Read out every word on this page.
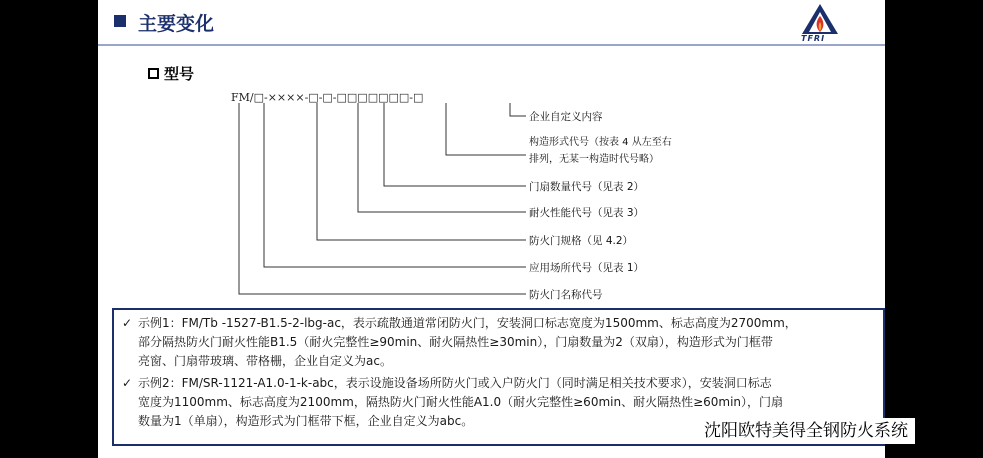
主要变化
TFRI
型号
FM/□-××××-□-□-□□□□□□□-□
企业自定义内容
构造形式代号（按表 4 从左至右
排列，无某一构造时代号略）
门扇数量代号（见表 2）
耐火性能代号（见表 3）
防火门规格（见 4.2）
应用场所代号（见表 1）
防火门名称代号
✓ 示例1：FM/Tb -1527-B1.5-2-lbg-ac，表示疏散通道常闭防火门，安装洞口标志宽度为1500mm、标志高度为2700mm，
部分隔热防火门耐火性能B1.5（耐火完整性≥90min、耐火隔热性≥30min），门扇数量为2（双扇），构造形式为门框带
亮窗、门扇带玻璃、带格栅，企业自定义为ac。
✓ 示例2：FM/SR-1121-A1.0-1-k-abc，表示设施设备场所防火门或入户防火门（同时满足相关技术要求），安装洞口标志
宽度为1100mm、标志高度为2100mm，隔热防火门耐火性能A1.0（耐火完整性≥60min、耐火隔热性≥60min），门扇
数量为1（单扇），构造形式为门框带下框，企业自定义为abc。	沈阳欧特美得全钢防火系统
